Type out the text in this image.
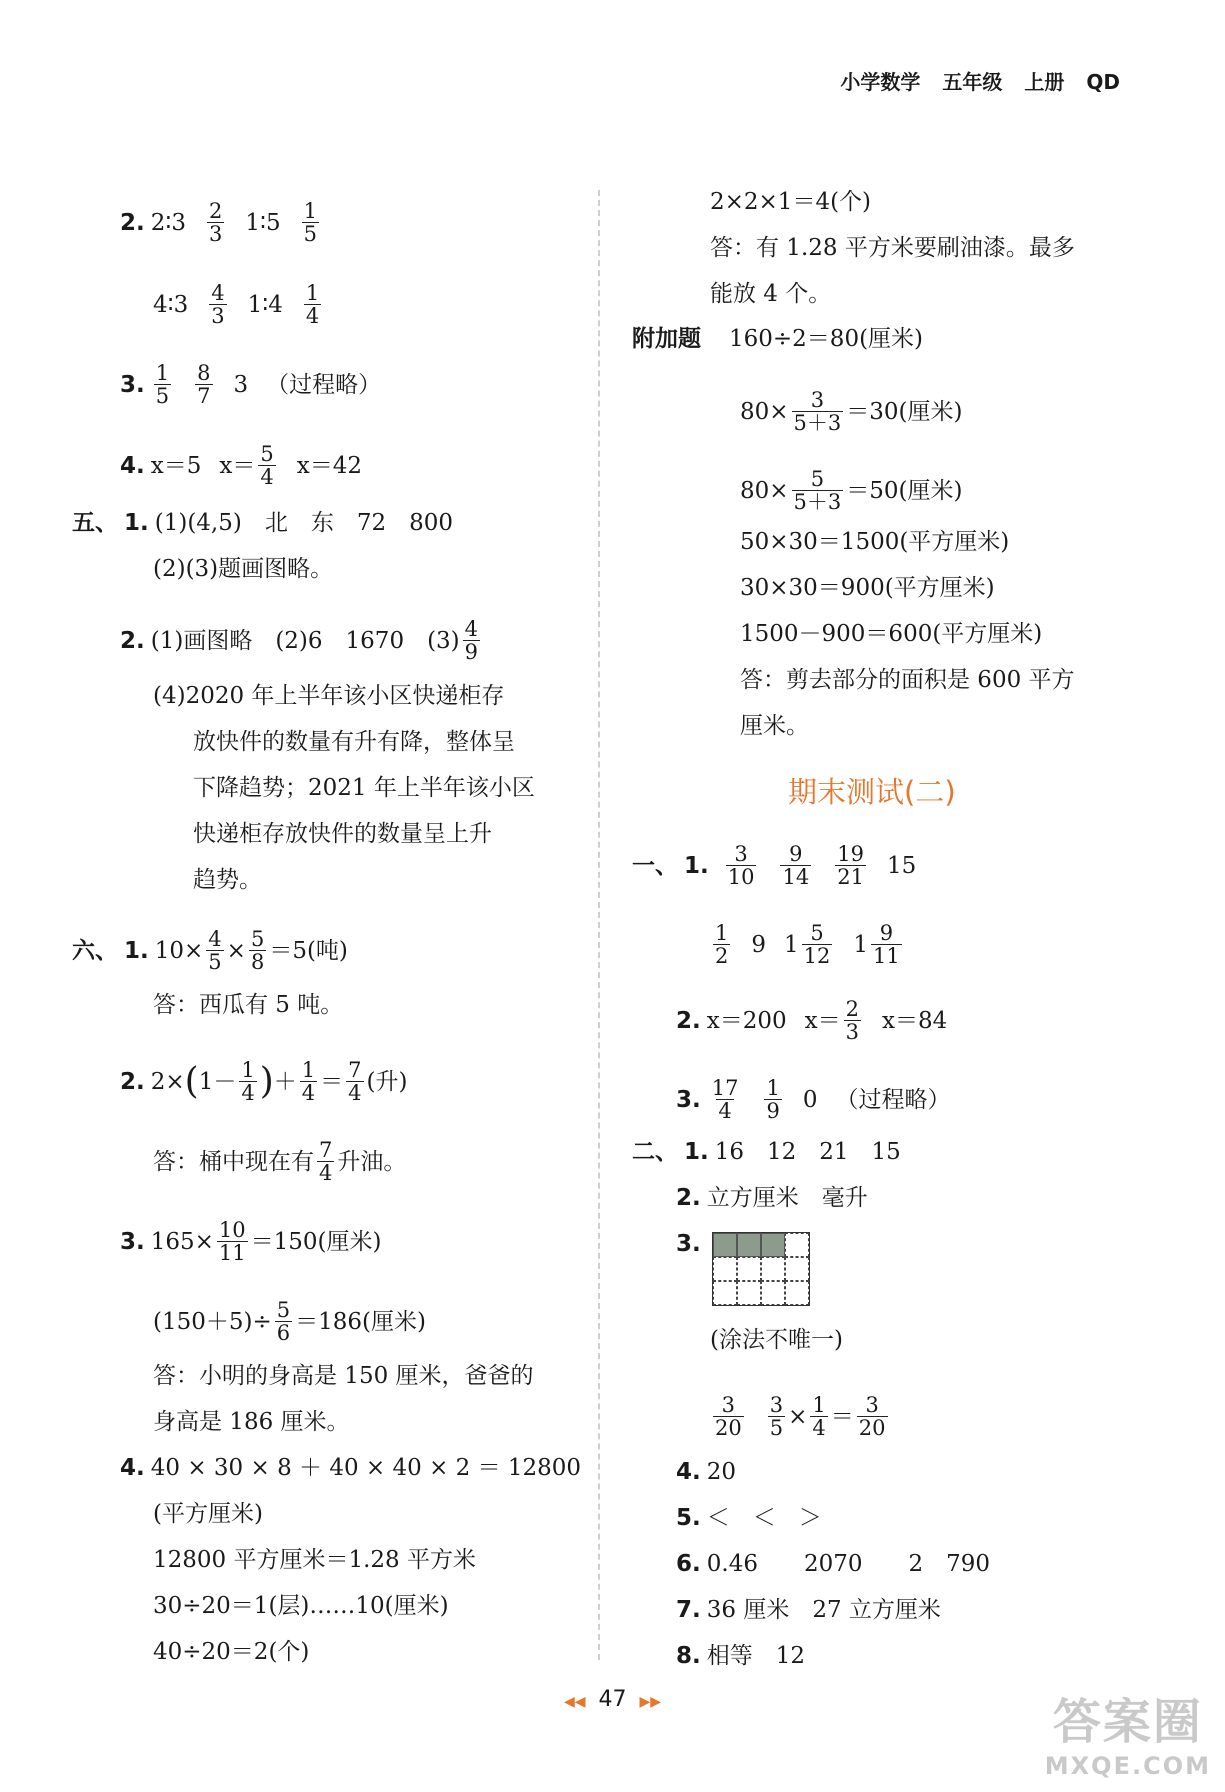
小学数学 五年级 上册 QD
2. 2∶3 $\frac{2}{3}$ 1∶5 $\frac{1}{5}$
4∶3 $\frac{4}{3}$ 1∶4 $\frac{1}{4}$
3. $\frac{1}{5} \frac{8}{7} 3$ （过程略）
4. x＝5 $x= \frac{5}{4} x=42$
五、 1. (1)(4,5)　北　东　72　800
(2)(3)题画图略。
2. (1)画图略　(2)6　1670　$(3) \frac{4}{9}$
(4)2020 年上半年该小区快递柜存
放快件的数量有升有降，整体呈
下降趋势；2021 年上半年该小区
快递柜存放快件的数量呈上升
趋势。
六、 1. $10\times \frac{4}{5} \times \frac{5}{8} =5$(吨)
答：西瓜有 5 吨。
2. 2× ( $1- \frac{1}{4}$ ) ＋ $\frac{1}{4} = \frac{7}{4}$ (升)
答：桶中现在有 $\frac{7}{4}$ 升油。
3. $165\times \frac{10}{11} =150$(厘米)
$(150+5)\div \frac{5}{6} =186$(厘米)
答：小明的身高是 150 厘米，爸爸的
身高是 186 厘米。
4. 40 × 30 × 8 ＋ 40 × 40 × 2 ＝ 12800
(平方厘米)
12800 平方厘米＝1.28 平方米
30÷20＝1(层)……10(厘米)
40÷20＝2(个)
2×2×1＝4(个)
答：有 1.28 平方米要刷油漆。最多
能放 4 个。
附加题 160÷2＝80(厘米)
$80\times \frac{3}{5+3} =30$(厘米)
$80\times \frac{5}{5+3} =50$(厘米)
50×30＝1500(平方厘米)
30×30＝900(平方厘米)
1500－900＝600(平方厘米)
答：剪去部分的面积是 600 平方
厘米。
期末测试(二)
一、 1. $\frac{3}{10} \frac{9}{14} \frac{19}{21} 15$
$\frac{1}{2} 9$ $1 \frac{5}{12} 1 \frac{9}{11}$
2. x＝200 $x= \frac{2}{3} x=84$
3. $\frac{17}{4} \frac{1}{9} 0$ （过程略）
二、 1. 16　12　21　15
2. 立方厘米　毫升
3.
(涂法不唯一)
$\frac{3}{20} \frac{3}{5} \times \frac{1}{4} = \frac{3}{20}$
4. 20
5. ＜　＜　＞
6. 0.46　　2070　　2　790
7. 36 厘米　27 立方厘米
8. 相等　12
◀◀ 47 ▶▶	答案圈
MXQE.COM
